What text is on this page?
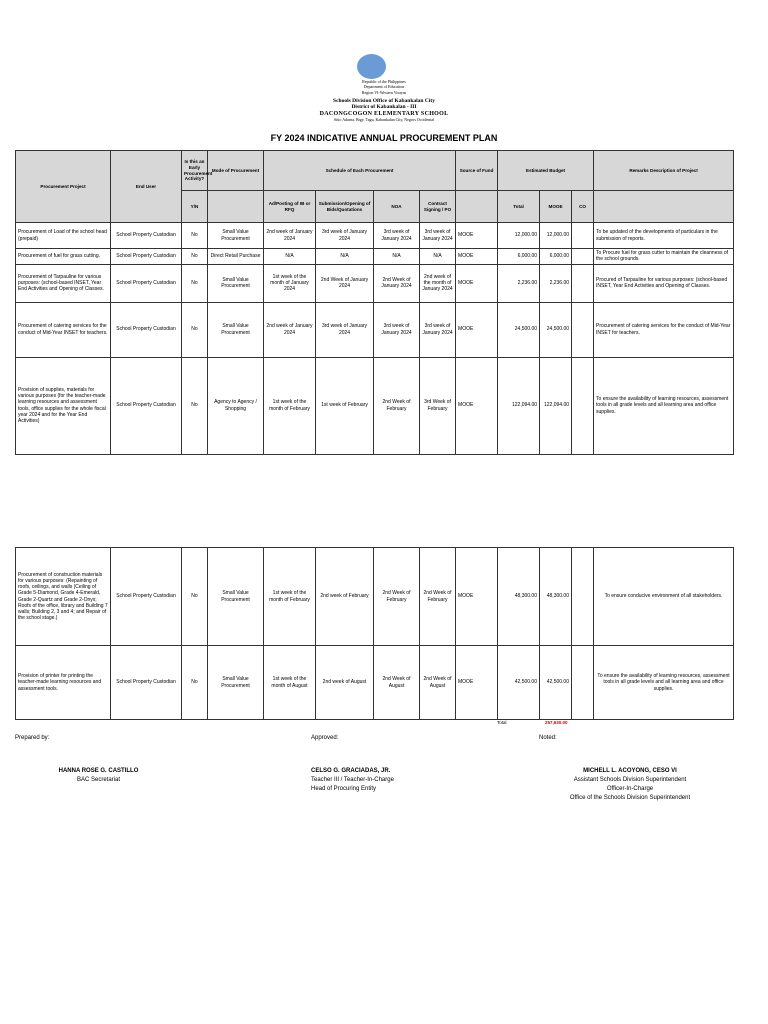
Republic of the Philippines
Department of Education
Region VI-Western Visayas
Schools Division Office of Kabankalan City
District of Kabankalan - III
DACONGCOGON ELEMENTARY SCHOOL
Sitio Adarna, Brgy. Tagu, Kabankalan City, Negros Occidental
FY 2024 INDICATIVE ANNUAL PROCUREMENT PLAN
Procurement Project	End User	Is this an Early Procurement Activity?	Mode of Procurement	Schedule of Each Procurement				Source of Fund	Estimated Budget			Remarks Description of Project
		Y/N		Ad/Posting of IB or RFQ	Submission/Opening of Bids/Quotations	NOA	Contract Signing / PO		Total	MOOE	CO	
Procurement of Load of the school head (prepaid)	School Property Custodian	No	Small Value Procurement	2nd week of January 2024	3rd week of January 2024	3rd week of January 2024	3rd week of January 2024	MOOE	12,000.00	12,000.00		To be updated of the developments of particulars in the submission of reports.
Procurement of fuel for grass cutting.	School Property Custodian	No	Direct Retail Purchase	N/A	N/A	N/A	N/A	MOOE	6,000.00	6,000.00		To Procure fuel for grass cutter to maintain the cleanness of the school grounds.
Procurement of Tarpauline for various purposes: (school-based INSET, Year End Activities and Opening of Classes.	School Property Custodian	No	Small Value Procurement	1st week of the month of January 2024	2nd Week of January 2024	2nd Week of January 2024	2nd week of the month of January 2024	MOOE	2,236.00	2,236.00		Procured of Tarpauline for various purposes: (school-based INSET, Year End Activities and Opening of Classes.
Procurement of catering services for the conduct of Mid-Year INSET for teachers.	School Property Custodian	No	Small Value Procurement	2nd week of January 2024	3rd week of January 2024	3rd week of January 2024	3rd week of January 2024	MOOE	24,500.00	24,500.00		Procurement of catering services for the conduct of Mid-Year INSET for teachers.
Provision of supplies, materials for various purposes (for the teacher-made learning resources and assessment tools, office supplies for the whole fiscal year 2024 and for the Year End Activities)	School Property Custodian	No	Agency to Agency / Shopping	1st week of the month of February	1st week of February	2nd Week of February	3rd Week of February	MOOE	122,094.00	122,094.00		To ensure the availability of learning resources, assessment tools in all grade levels and all learning area and office supplies.
Procurement of construction materials for various purposes: (Repainting of roofs, ceilings, and walls (Ceiling of Grade 5-Diamond, Grade 4-Emerald, Grade 2-Quartz and Grade 2-Onyx; Roofs of the office, library and Building 7 walls; Building 2, 3 and 4; and Repair of the school stage.)	School Property Custodian	No	Small Value Procurement	1st week of the month of February	2nd week of February	2nd Week of February	2nd Week of February	MOOE	48,300.00	48,300.00		To ensure conducive environment of all stakeholders.
Provision of printer for printing the teacher-made learning resources and assessment tools.	School Property Custodian	No	Small Value Procurement	1st week of the month of August	2nd week of August	2nd Week of August	2nd Week of August	MOOE	42,500.00	42,500.00		To ensure the availability of learning resources, assessment tools in all grade levels and all learning area and office supplies.
Total	257,630.00
Prepared by:	Approved:	Noted:
HANNA ROSE G. CASTILLO
BAC Secretariat
CELSO G. GRACIADAS, JR.
Teacher III / Teacher-In-Charge
Head of Procuring Entity
MICHELL L. ACOYONG, CESO VI
Assistant Schools Division Superintendent
Officer-In-Charge
Office of the Schools Division Superintendent
